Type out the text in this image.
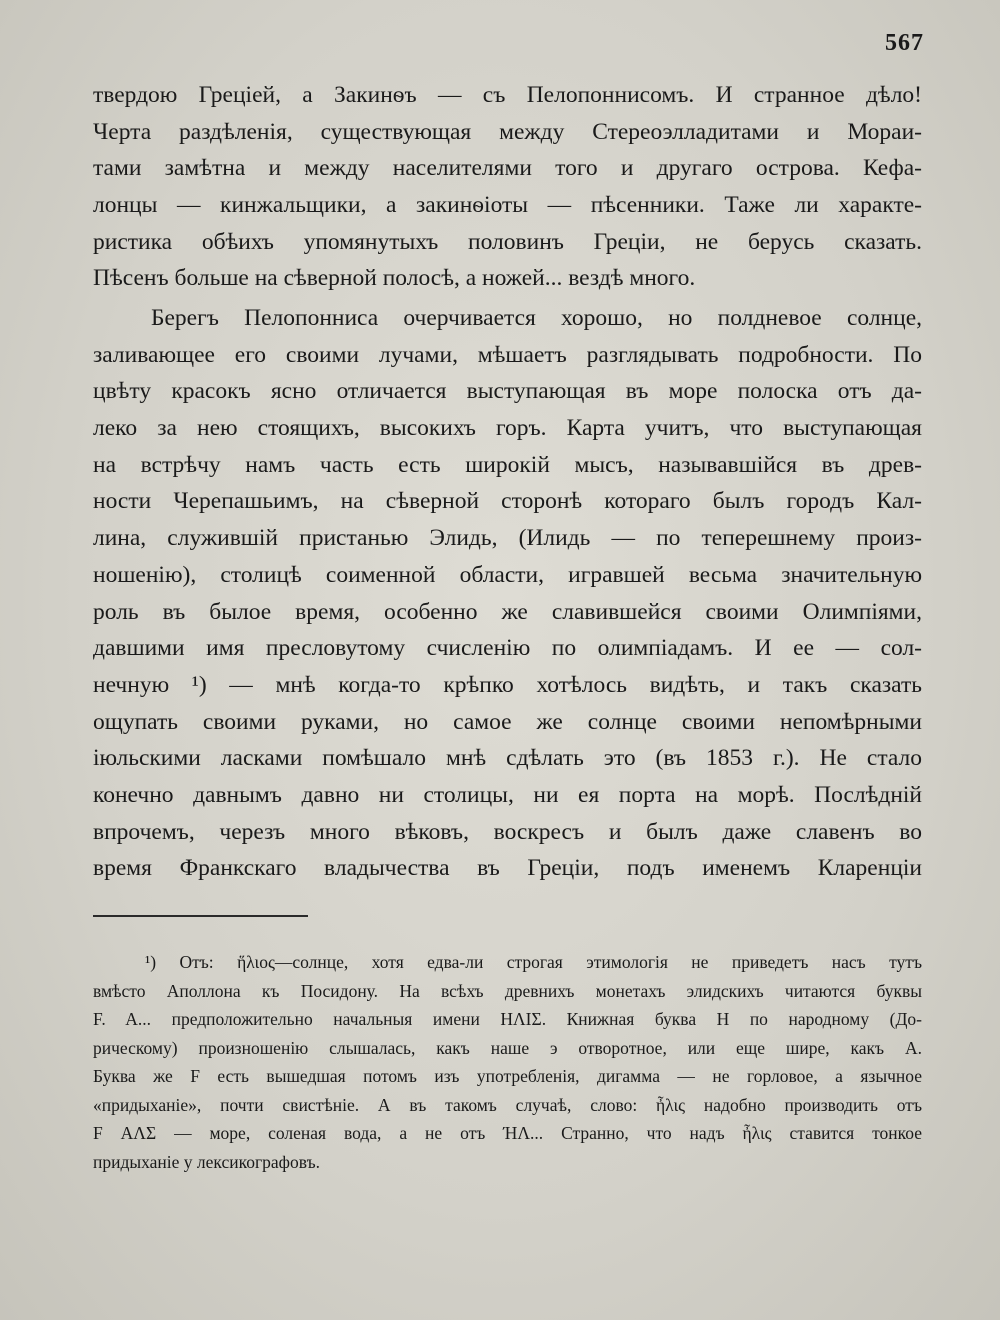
567
твердою Греціей, а Закинѳъ — съ Пелопоннисомъ. И странное дѣло!
Черта раздѣленія, существующая между Стереоэлладитами и Мораи-
тами замѣтна и между населителями того и другаго острова. Кефа-
лонцы — кинжальщики, а закинѳіоты — пѣсенники. Таже ли характе-
ристика обѣихъ упомянутыхъ половинъ Греціи, не берусь сказать.
Пѣсенъ больше на сѣверной полосѣ, а ножей... вездѣ много.
Берегъ Пелопонниса очерчивается хорошо, но полдневое солнце,
заливающее его своими лучами, мѣшаетъ разглядывать подробности. По
цвѣту красокъ ясно отличается выступающая въ море полоска отъ да-
леко за нею стоящихъ, высокихъ горъ. Карта учитъ, что выступающая
на встрѣчу намъ часть есть широкій мысъ, называвшійся въ древ-
ности Черепашьимъ, на сѣверной сторонѣ котораго былъ городъ Кал-
лина, служившій пристанью Элидь, (Илидь — по теперешнему произ-
ношенію), столицѣ соименной области, игравшей весьма значительную
роль въ былое время, особенно же славившейся своими Олимпіями,
давшими имя пресловутому счисленію по олимпіадамъ. И ее — сол-
нечную ¹) — мнѣ когда-то крѣпко хотѣлось видѣть, и такъ сказать
ощупать своими руками, но самое же солнце своими непомѣрными
іюльскими ласками помѣшало мнѣ сдѣлать это (въ 1853 г.). Не стало
конечно давнымъ давно ни столицы, ни ея порта на морѣ. Послѣдній
впрочемъ, черезъ много вѣковъ, воскресъ и былъ даже славенъ во
время Франкскаго владычества въ Греціи, подъ именемъ Кларенціи
¹) Отъ: ἥλιος—солнце, хотя едва-ли строгая этимологія не приведетъ насъ тутъ
вмѣсто Аполлона къ Посидону. На всѣхъ древнихъ монетахъ элидскихъ читаются буквы
F. A... предположительно начальныя имени ΗΛΙΣ. Книжная буква Н по народному (До-
рическому) произношенію слышалась, какъ наше э отворотное, или еще шире, какъ А.
Буква же F есть вышедшая потомъ изъ употребленія, дигамма — не горловое, а язычное
«придыханіе», почти свистѣніе. А въ такомъ случаѣ, слово: ἦλις надобно производить отъ
F ΑΛΣ — море, соленая вода, а не отъ ΉΛ... Странно, что надъ ἦλις ставится тонкое
придыханіе у лексикографовъ.
